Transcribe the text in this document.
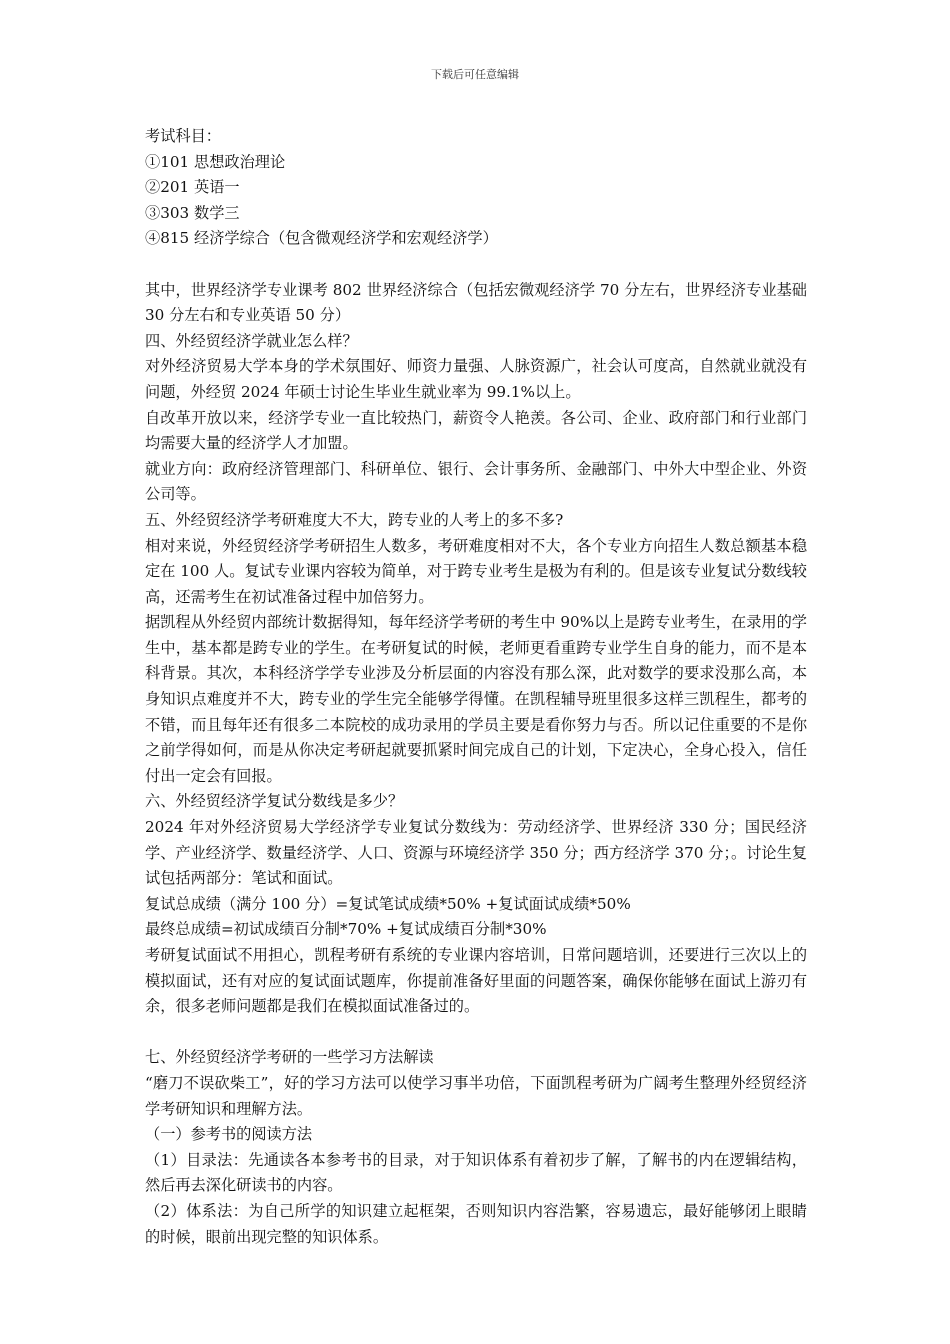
下载后可任意编辑

考试科目：

①101 思想政治理论

②201 英语一

③303 数学三

④815 经济学综合（包含微观经济学和宏观经济学）

其中，世界经济学专业课考 802 世界经济综合（包括宏微观经济学 70 分左右，世界经济专业基础 30 分左右和专业英语 50 分）

四、外经贸经济学就业怎么样？

对外经济贸易大学本身的学术氛围好、师资力量强、人脉资源广，社会认可度高，自然就业就没有问题，外经贸 2024 年硕士讨论生毕业生就业率为 99.1%以上。

自改革开放以来，经济学专业一直比较热门，薪资令人艳羡。各公司、企业、政府部门和行业部门均需要大量的经济学人才加盟。

就业方向：政府经济管理部门、科研单位、银行、会计事务所、金融部门、中外大中型企业、外资公司等。

五、外经贸经济学考研难度大不大，跨专业的人考上的多不多?

相对来说，外经贸经济学考研招生人数多，考研难度相对不大，各个专业方向招生人数总额基本稳定在 100 人。复试专业课内容较为简单，对于跨专业考生是极为有利的。但是该专业复试分数线较高，还需考生在初试准备过程中加倍努力。

据凯程从外经贸内部统计数据得知，每年经济学考研的考生中 90%以上是跨专业考生，在录用的学生中，基本都是跨专业的学生。在考研复试的时候，老师更看重跨专业学生自身的能力，而不是本科背景。其次，本科经济学学专业涉及分析层面的内容没有那么深，此对数学的要求没那么高，本身知识点难度并不大，跨专业的学生完全能够学得懂。在凯程辅导班里很多这样三凯程生，都考的不错，而且每年还有很多二本院校的成功录用的学员主要是看你努力与否。所以记住重要的不是你之前学得如何，而是从你决定考研起就要抓紧时间完成自己的计划，下定决心，全身心投入，信任付出一定会有回报。

六、外经贸经济学复试分数线是多少？

2024 年对外经济贸易大学经济学专业复试分数线为：劳动经济学、世界经济 330 分；国民经济学、产业经济学、数量经济学、人口、资源与环境经济学 350 分；西方经济学 370 分；。讨论生复试包括两部分：笔试和面试。

复试总成绩（满分 100 分）=复试笔试成绩*50% +复试面试成绩*50%

最终总成绩=初试成绩百分制*70% +复试成绩百分制*30%

考研复试面试不用担心，凯程考研有系统的专业课内容培训，日常问题培训，还要进行三次以上的模拟面试，还有对应的复试面试题库，你提前准备好里面的问题答案，确保你能够在面试上游刃有余，很多老师问题都是我们在模拟面试准备过的。

七、外经贸经济学考研的一些学习方法解读

“磨刀不误砍柴工”，好的学习方法可以使学习事半功倍，下面凯程考研为广阔考生整理外经贸经济学考研知识和理解方法。

（一）参考书的阅读方法

（1）目录法：先通读各本参考书的目录，对于知识体系有着初步了解，了解书的内在逻辑结构，然后再去深化研读书的内容。

（2）体系法：为自己所学的知识建立起框架，否则知识内容浩繁，容易遗忘，最好能够闭上眼睛的时候，眼前出现完整的知识体系。
